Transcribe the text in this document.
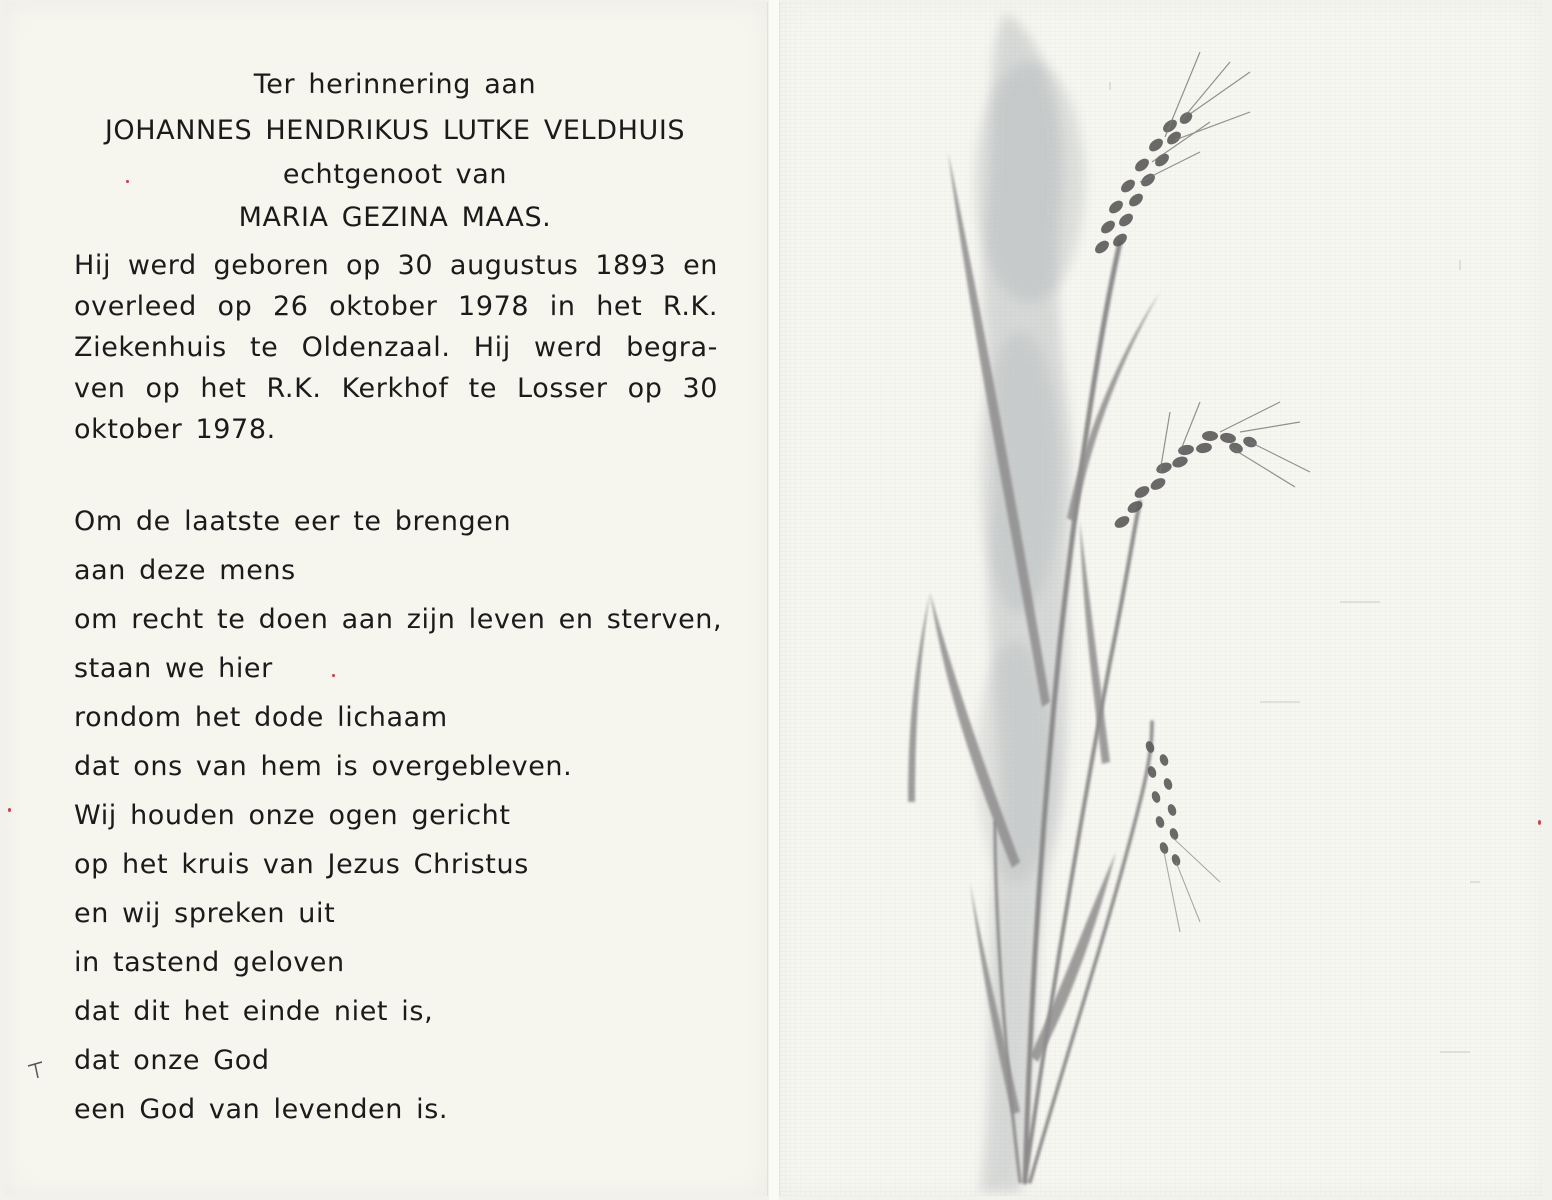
Ter herinnering aan
JOHANNES HENDRIKUS LUTKE VELDHUIS
echtgenoot van
MARIA GEZINA MAAS.
Hij werd geboren op 30 augustus 1893 en
overleed op 26 oktober 1978 in het R.K.
Ziekenhuis te Oldenzaal. Hij werd begra-
ven op het R.K. Kerkhof te Losser op 30
oktober 1978.
Om de laatste eer te brengen
aan deze mens
om recht te doen aan zijn leven en sterven,
staan we hier
rondom het dode lichaam
dat ons van hem is overgebleven.
Wij houden onze ogen gericht
op het kruis van Jezus Christus
en wij spreken uit
in tastend geloven
dat dit het einde niet is,
dat onze God
een God van levenden is.
